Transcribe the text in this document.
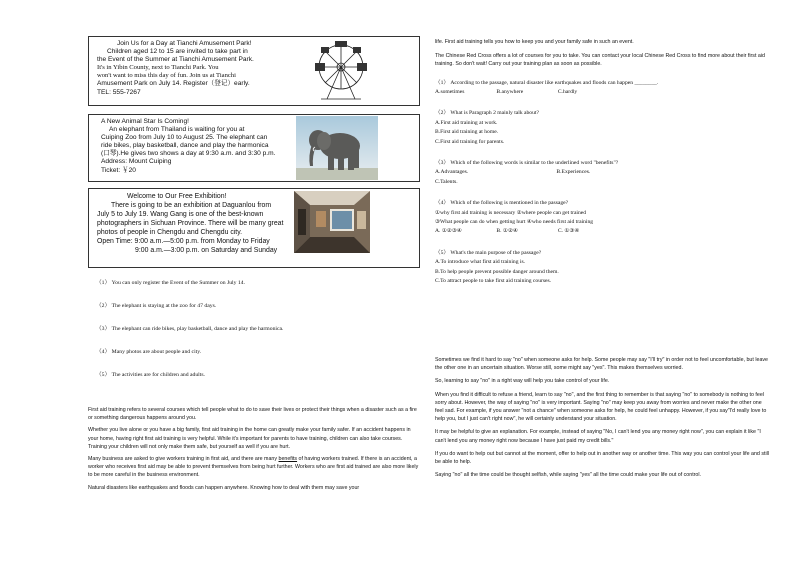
Join Us for a Day at Tianchi Amusement Park!
Children aged 12 to 15 are invited to take part in
the Event of the Summer at Tianchi Amusement Park.
It's in Yibin County, next to Tianchi Park. You
won't want to miss this day of fun. Join us at Tianchi
Amusement Park on July 14. Register（登记）early.
TEL: 555-7267
A New Animal Star Is Coming!
An elephant from Thailand is waiting for you at
Cuiping Zoo from July 10 to August 25. The elephant can
ride bikes, play basketball, dance and play the harmonica
(口琴).He gives two shows a day at 9:30 a.m. and 3:30 p.m.
Address: Mount Cuiping
Ticket: ￥20
Welcome to Our Free Exhibition!
There is going to be an exhibition at Daguanlou from
July 5 to July 19. Wang Gang is one of the best-known
photographers in Sichuan Province. There will be many great
photos of people in Chengdu and Chengdu city.
Open Time: 9:00 a.m.—5:00 p.m. from Monday to Friday
9:00 a.m.—3:00 p.m. on Saturday and Sunday

（1） You can only register the Event of the Summer on July 14.

（2） The elephant is staying at the zoo for 47 days.

（3） The elephant can ride bikes, play basketball, dance and play the harmonica.

（4） Many photos are about people and city.

（5） The activities are for children and adults.

First aid training refers to several courses which tell people what to do to save their lives or protect their things when a disaster such as a fire or something dangerous happens around you.

Whether you live alone or you have a big family, first aid training in the home can greatly make your family safer. If an accident happens in your home, having right first aid training is very helpful. While it's important for parents to have training, children can also take courses. Training your children will not only make them safe, but yourself as well if you are hurt.

Many business are asked to give workers training in first aid, and there are many benefits of having workers trained. If there is an accident, a worker who receives first aid may be able to prevent themselves from being hurt further. Workers who are first aid trained are also more likely to be more careful in the business environment.

Natural disasters like earthquakes and floods can happen anywhere. Knowing how to deal with them may save your

life. First aid training tells you how to keep you and your family safe in such an event.

The Chinese Red Cross offers a lot of courses for you to take. You can contact your local Chinese Red Cross to find more about their first aid training. So don't wait! Carry out your training plan as soon as possible.

（1） According to the passage, natural disaster like earthquakes and floods can happen ________.
A.sometimes	B.anywhere	C.hardly
（2） What is Paragraph 2 mainly talk about?
A.First aid training at work.
B.First aid training at home.
C.First aid training for parents.
（3） Which of the following words is similar to the underlined word "benefits"?
A.Advantages.	B.Experiences.
C.Talents.
（4） Which of the following is mentioned in the passage?
①why first aid training is necessary ②where people can get trained
③What people can do when getting hurt ④who needs first aid training
A. ①②③④	B. ①②④	C. ①③④
（5） What's the main purpose of the passage?
A.To introduce what first aid training is.
B.To help people prevent possible danger around them.
C.To attract people to take first aid training courses.

Sometimes we find it hard to say "no" when someone asks for help. Some people may say "I'll try" in order not to feel uncomfortable, but leave the other one in an uncertain situation. Worse still, some might say "yes". This makes themselves worried.

So, learning to say "no" in a right way will help you take control of your life.

When you find it difficult to refuse a friend, learn to say "no", and the first thing to remember is that saying "no" to somebody is nothing to feel sorry about. However, the way of saying "no" is very important. Saying "no" may keep you away from worries and never make the other one feel sad. For example, if you answer "not a chance" when someone asks for help, he could feel unhappy. However, if you say"I'd really love to help you, but I just can't right now", he will certainly understand your situation.

It may be helpful to give an explanation. For example, instead of saying "No, I can't lend you any money right now", you can explain it like "I can't lend you any money right now because I have just paid my credit bills."

If you do want to help out but cannot at the moment, offer to help out in another way or another time. This way you can control your life and still be able to help.

Saying "no" all the time could be thought selfish, while saying "yes" all the time could make your life out of control.
